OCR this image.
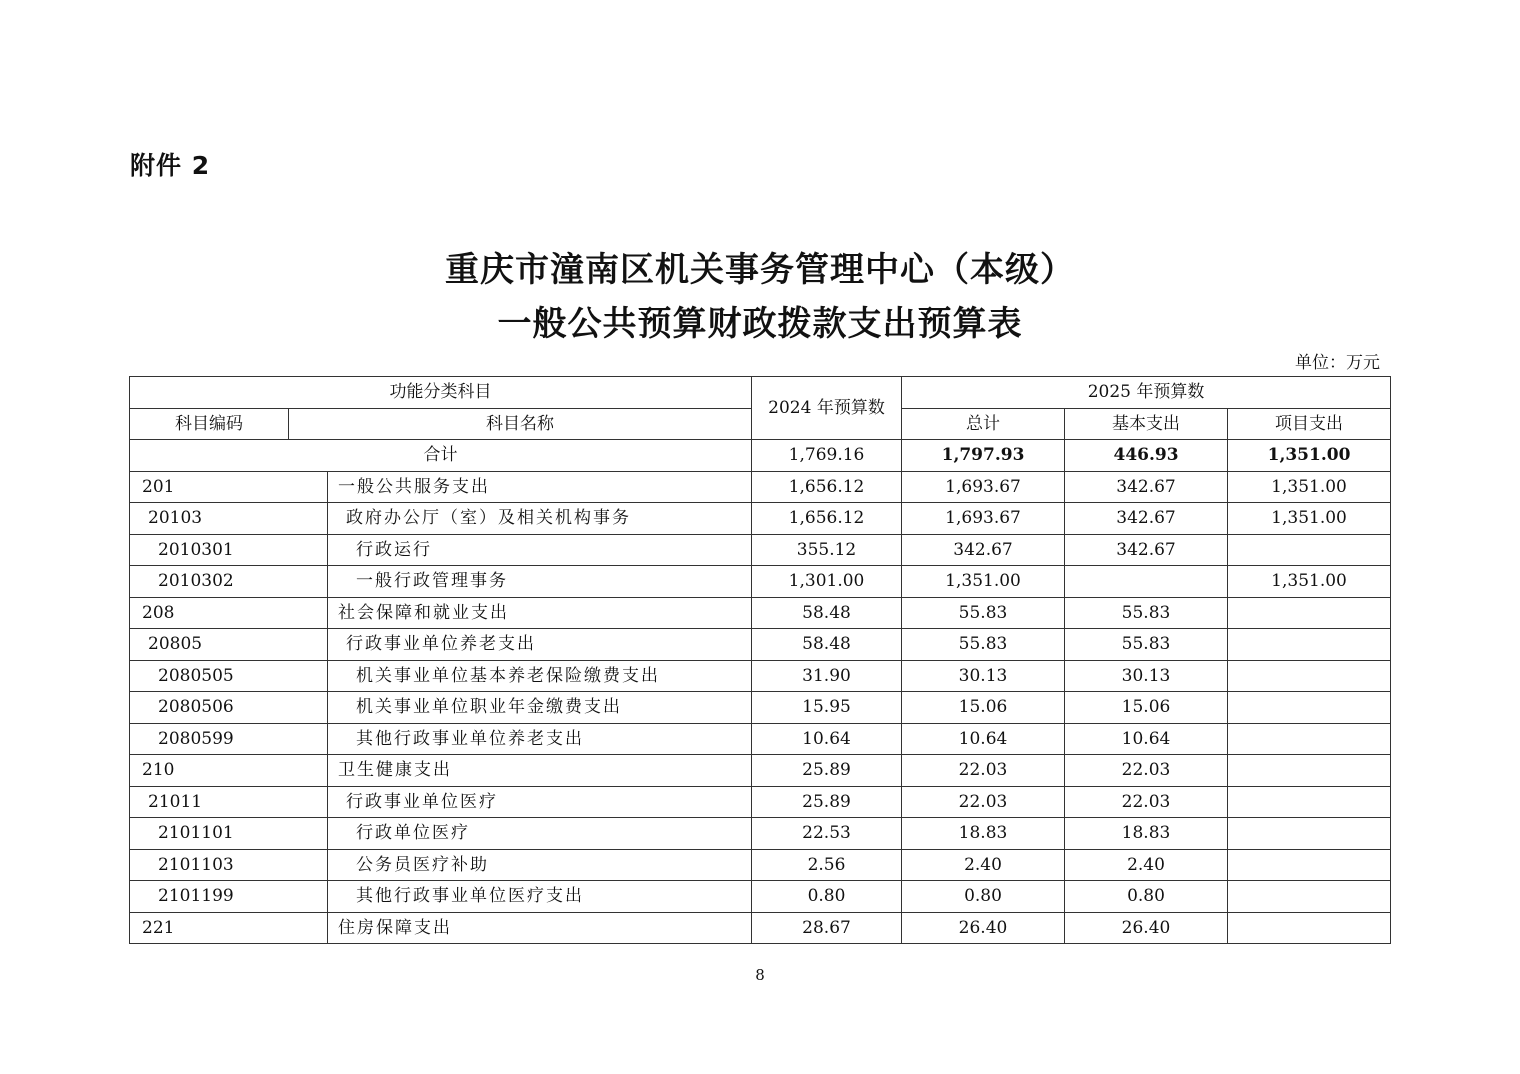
附件 2
重庆市潼南区机关事务管理中心（本级）
一般公共预算财政拨款支出预算表
单位：万元
功能分类科目			2024 年预算数	2025 年预算数		
科目编码	科目名称			总计	基本支出	项目支出
合计			1,769.16	1,797.93	446.93	1,351.00
201		一般公共服务支出	1,656.12	1,693.67	342.67	1,351.00
20103		政府办公厅（室）及相关机构事务	1,656.12	1,693.67	342.67	1,351.00
2010301		行政运行	355.12	342.67	342.67	
2010302		一般行政管理事务	1,301.00	1,351.00		1,351.00
208		社会保障和就业支出	58.48	55.83	55.83	
20805		行政事业单位养老支出	58.48	55.83	55.83	
2080505		机关事业单位基本养老保险缴费支出	31.90	30.13	30.13	
2080506		机关事业单位职业年金缴费支出	15.95	15.06	15.06	
2080599		其他行政事业单位养老支出	10.64	10.64	10.64	
210		卫生健康支出	25.89	22.03	22.03	
21011		行政事业单位医疗	25.89	22.03	22.03	
2101101		行政单位医疗	22.53	18.83	18.83	
2101103		公务员医疗补助	2.56	2.40	2.40	
2101199		其他行政事业单位医疗支出	0.80	0.80	0.80	
221		住房保障支出	28.67	26.40	26.40	
8
